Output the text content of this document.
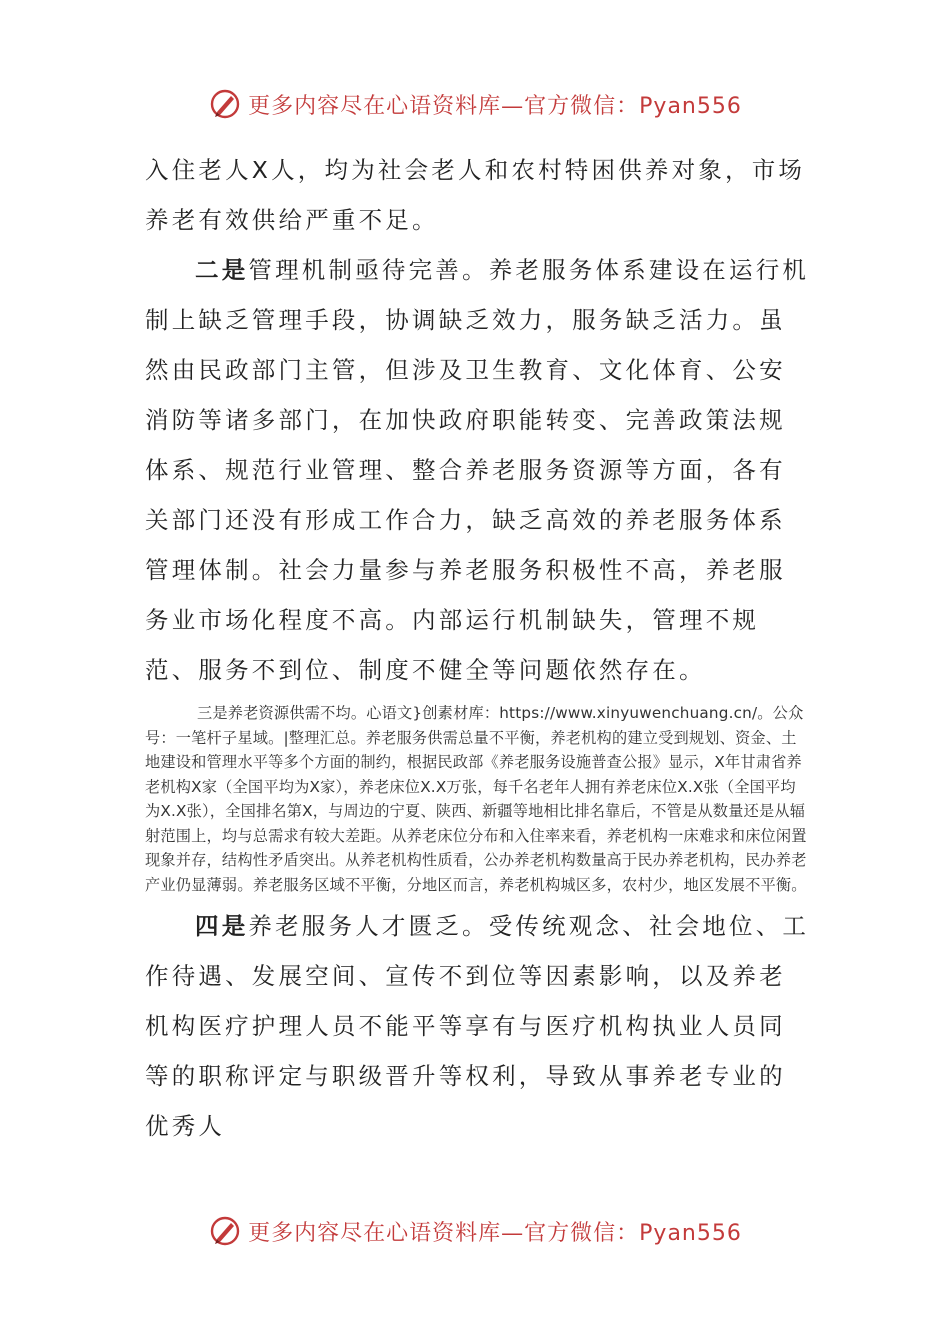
更多内容尽在心语资料库—官方微信：Pyan556

入住老人X人，均为社会老人和农村特困供养对象，市场养老有效供给严重不足。

二是管理机制亟待完善。养老服务体系建设在运行机制上缺乏管理手段，协调缺乏效力，服务缺乏活力。虽然由民政部门主管，但涉及卫生教育、文化体育、公安消防等诸多部门，在加快政府职能转变、完善政策法规体系、规范行业管理、整合养老服务资源等方面，各有关部门还没有形成工作合力，缺乏高效的养老服务体系管理体制。社会力量参与养老服务积极性不高，养老服务业市场化程度不高。内部运行机制缺失，管理不规范、服务不到位、制度不健全等问题依然存在。

三是养老资源供需不均。心语文}创素材库：https://www.xinyuwenchuang.cn/。公众号：一笔杆子星域。|整理汇总。养老服务供需总量不平衡，养老机构的建立受到规划、资金、土地建设和管理水平等多个方面的制约，根据民政部《养老服务设施普查公报》显示，X年甘肃省养老机构X家（全国平均为X家），养老床位X.X万张，每千名老年人拥有养老床位X.X张（全国平均为X.X张），全国排名第X，与周边的宁夏、陕西、新疆等地相比排名靠后，不管是从数量还是从辐射范围上，均与总需求有较大差距。从养老床位分布和入住率来看，养老机构一床难求和床位闲置现象并存，结构性矛盾突出。从养老机构性质看，公办养老机构数量高于民办养老机构，民办养老产业仍显薄弱。养老服务区域不平衡，分地区而言，养老机构城区多，农村少，地区发展不平衡。

四是养老服务人才匮乏。受传统观念、社会地位、工作待遇、发展空间、宣传不到位等因素影响，以及养老机构医疗护理人员不能平等享有与医疗机构执业人员同等的职称评定与职级晋升等权利，导致从事养老专业的优秀人

更多内容尽在心语资料库—官方微信：Pyan556
